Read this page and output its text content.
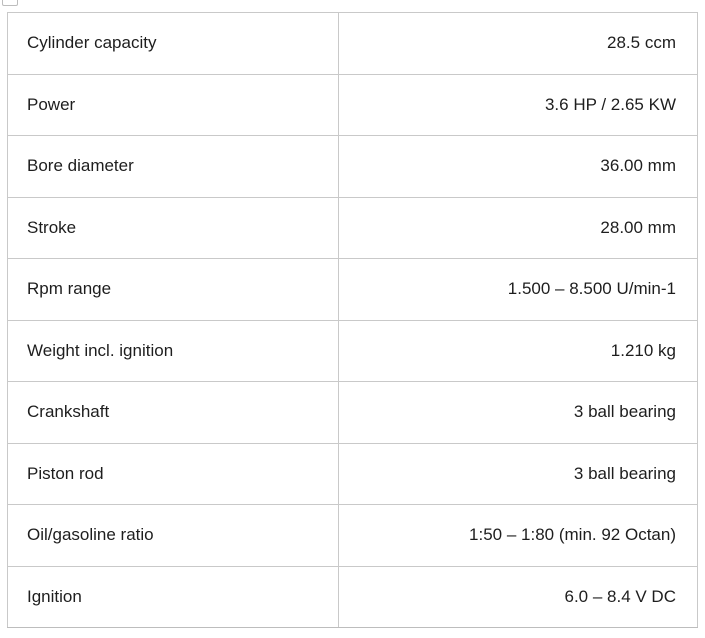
Cylinder capacity	28.5 ccm
Power	3.6 HP / 2.65 KW
Bore diameter	36.00 mm
Stroke	28.00 mm
Rpm range	1.500 – 8.500 U/min-1
Weight incl. ignition	1.210 kg
Crankshaft	3 ball bearing
Piston rod	3 ball bearing
Oil/gasoline ratio	1:50 – 1:80 (min. 92 Octan)
Ignition	6.0 – 8.4 V DC
